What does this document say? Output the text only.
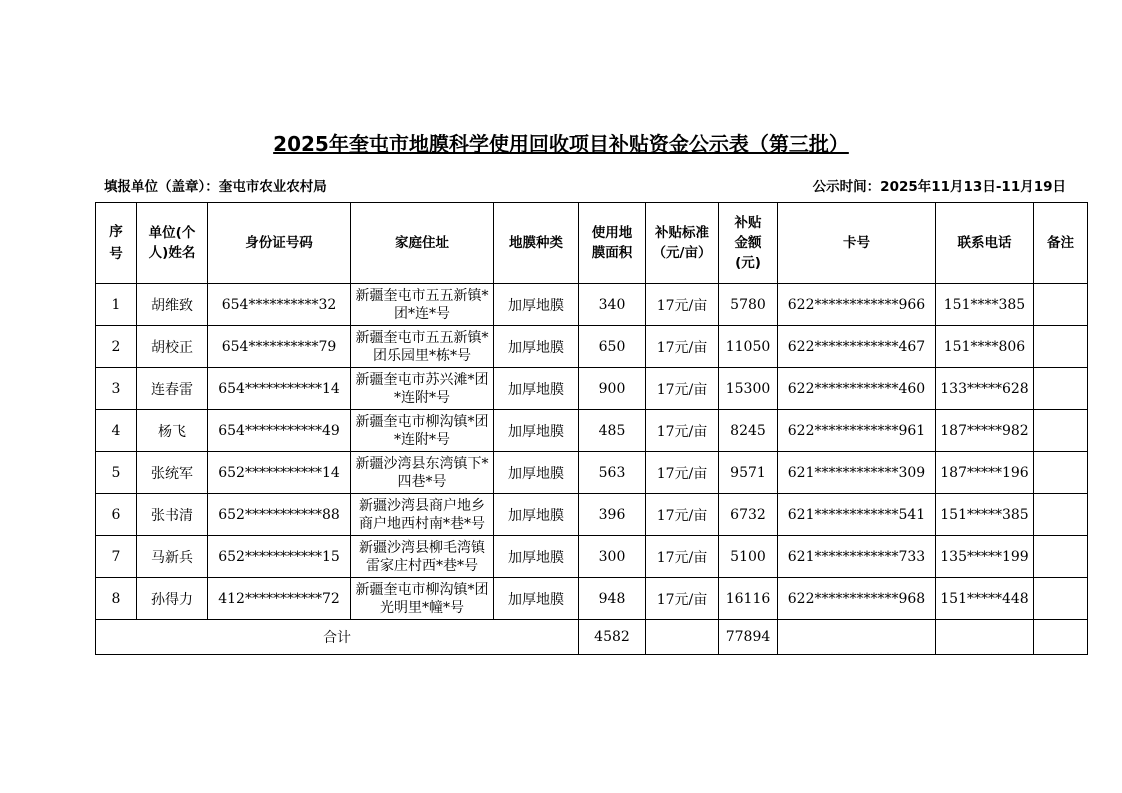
2025年奎屯市地膜科学使用回收项目补贴资金公示表（第三批）
填报单位（盖章）：奎屯市农业农村局	公示时间：2025年11月13日-11月19日
序号	单位(个人)姓名	身份证号码	家庭住址	地膜种类	使用地膜面积	补贴标准（元/亩）	补贴金额(元)	卡号	联系电话	备注
1	胡维致	654**********32	新疆奎屯市五五新镇*团*连*号	加厚地膜	340	17元/亩	5780	622************966	151****385	
2	胡校正	654**********79	新疆奎屯市五五新镇*团乐园里*栋*号	加厚地膜	650	17元/亩	11050	622************467	151****806	
3	连春雷	654***********14	新疆奎屯市苏兴滩*团*连附*号	加厚地膜	900	17元/亩	15300	622************460	133*****628	
4	杨飞	654***********49	新疆奎屯市柳沟镇*团*连附*号	加厚地膜	485	17元/亩	8245	622************961	187*****982	
5	张统军	652***********14	新疆沙湾县东湾镇下*四巷*号	加厚地膜	563	17元/亩	9571	621************309	187*****196	
6	张书清	652***********88	新疆沙湾县商户地乡商户地西村南*巷*号	加厚地膜	396	17元/亩	6732	621************541	151*****385	
7	马新兵	652***********15	新疆沙湾县柳毛湾镇雷家庄村西*巷*号	加厚地膜	300	17元/亩	5100	621************733	135*****199	
8	孙得力	412***********72	新疆奎屯市柳沟镇*团光明里*幢*号	加厚地膜	948	17元/亩	16116	622************968	151*****448	
合计					4582		77894			
